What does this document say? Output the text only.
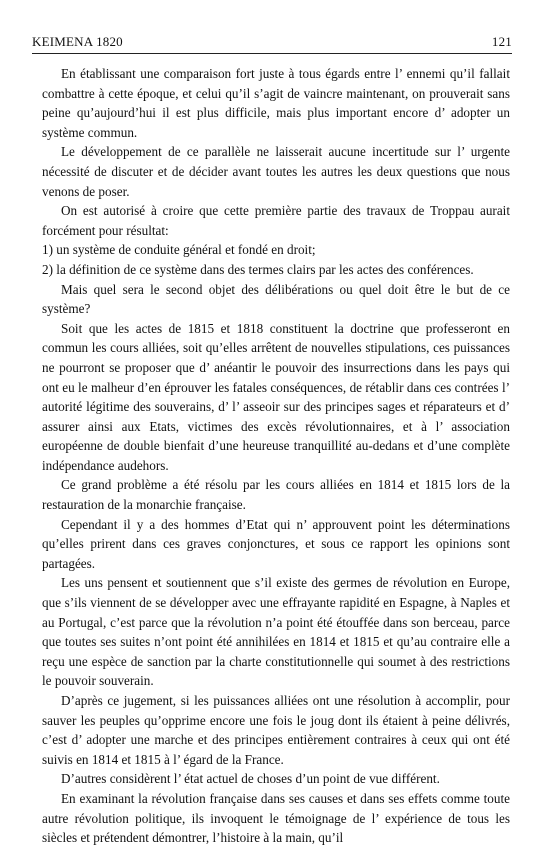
KEIMENA 1820	121

En établissant une comparaison fort juste à tous égards entre l’ ennemi qu’il fallait combattre à cette époque, et celui qu’il s’agit de vaincre maintenant, on prouverait sans peine qu’aujourd’hui il est plus difficile, mais plus important encore d’ adopter un système commun.

Le développement de ce parallèle ne laisserait aucune incertitude sur l’ urgente nécessité de discuter et de décider avant toutes les autres les deux questions que nous venons de poser.

On est autorisé à croire que cette première partie des travaux de Troppau aurait forcément pour résultat:

1) un système de conduite général et fondé en droit;

2) la définition de ce système dans des termes clairs par les actes des conférences.

Mais quel sera le second objet des délibérations ou quel doit être le but de ce système?

Soit que les actes de 1815 et 1818 constituent la doctrine que professeront en commun les cours alliées, soit qu’elles arrêtent de nouvelles stipulations, ces puissances ne pourront se proposer que d’ anéantir le pouvoir des insurrections dans les pays qui ont eu le malheur d’en éprouver les fatales conséquences, de rétablir dans ces contrées l’ autorité légitime des souverains, d’ l’ asseoir sur des principes sages et réparateurs et d’ assurer ainsi aux Etats, victimes des excès révolutionnaires, et à l’ association européenne de double bienfait d’une heureuse tranquillité au-dedans et d’une complète indépendance audehors.

Ce grand problème a été résolu par les cours alliées en 1814 et 1815 lors de la restauration de la monarchie française.

Cependant il y a des hommes d’Etat qui n’ approuvent point les déterminations qu’elles prirent dans ces graves conjonctures, et sous ce rapport les opinions sont partagées.

Les uns pensent et soutiennent que s’il existe des germes de révolution en Europe, que s’ils viennent de se développer avec une effrayante rapidité en Espagne, à Naples et au Portugal, c’est parce que la révolution n’a point été étouffée dans son berceau, parce que toutes ses suites n’ont point été annihilées en 1814 et 1815 et qu’au contraire elle a reçu une espèce de sanction par la charte constitutionnelle qui soumet à des restrictions le pouvoir souverain.

D’après ce jugement, si les puissances alliées ont une résolution à accomplir, pour sauver les peuples qu’opprime encore une fois le joug dont ils étaient à peine délivrés, c’est d’ adopter une marche et des principes entièrement contraires à ceux qui ont été suivis en 1814 et 1815 à l’ égard de la France.

D’autres considèrent l’ état actuel de choses d’un point de vue différent.

En examinant la révolution française dans ses causes et dans ses effets comme toute autre révolution politique, ils invoquent le témoignage de l’ expérience de tous les siècles et prétendent démontrer, l’histoire à la main, qu’il
